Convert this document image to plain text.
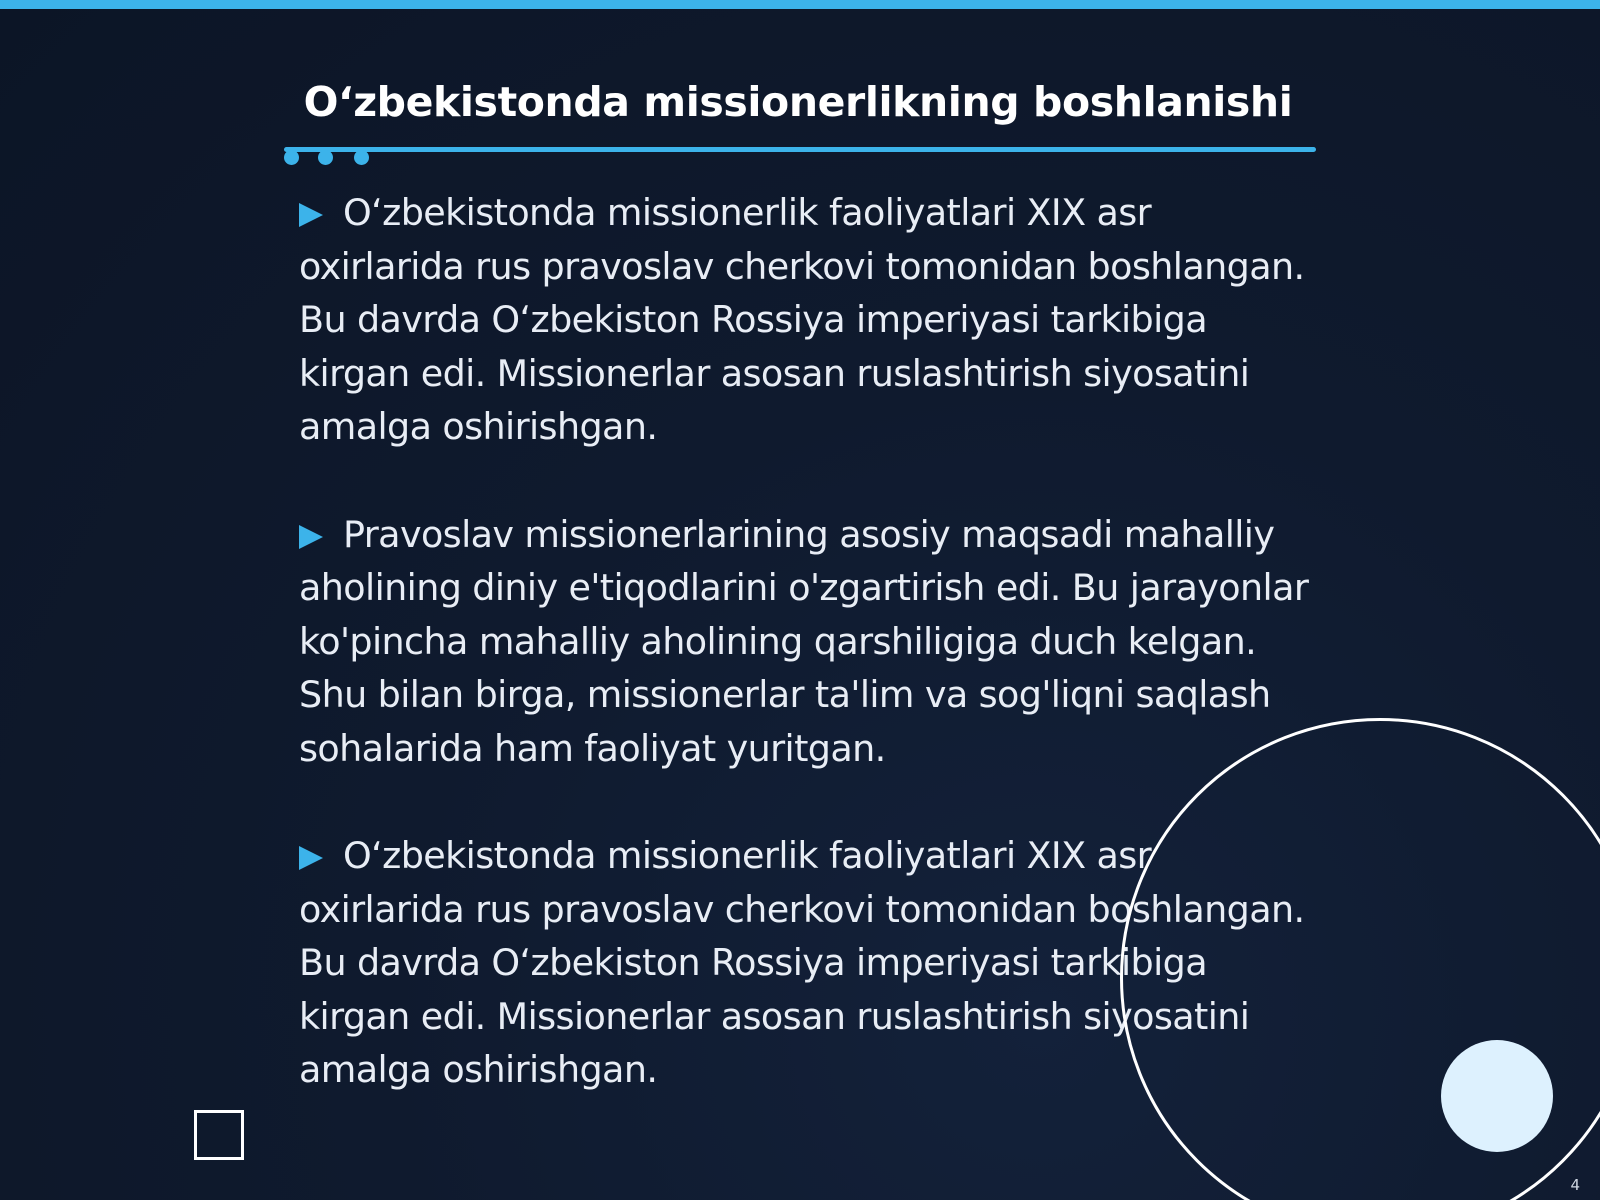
O‘zbekistonda missionerlikning boshlanishi
O‘zbekistonda missionerlik faoliyatlari XIX asr oxirlarida rus pravoslav cherkovi tomonidan boshlangan. Bu davrda O‘zbekiston Rossiya imperiyasi tarkibiga kirgan edi. Missionerlar asosan ruslashtirish siyosatini amalga oshirishgan.
Pravoslav missionerlarining asosiy maqsadi mahalliy aholining diniy e'tiqodlarini o'zgartirish edi. Bu jarayonlar ko'pincha mahalliy aholining qarshiligiga duch kelgan. Shu bilan birga, missionerlar ta'lim va sog'liqni saqlash sohalarida ham faoliyat yuritgan.
O‘zbekistonda missionerlik faoliyatlari XIX asr oxirlarida rus pravoslav cherkovi tomonidan boshlangan. Bu davrda O‘zbekiston Rossiya imperiyasi tarkibiga kirgan edi. Missionerlar asosan ruslashtirish siyosatini amalga oshirishgan.
4
